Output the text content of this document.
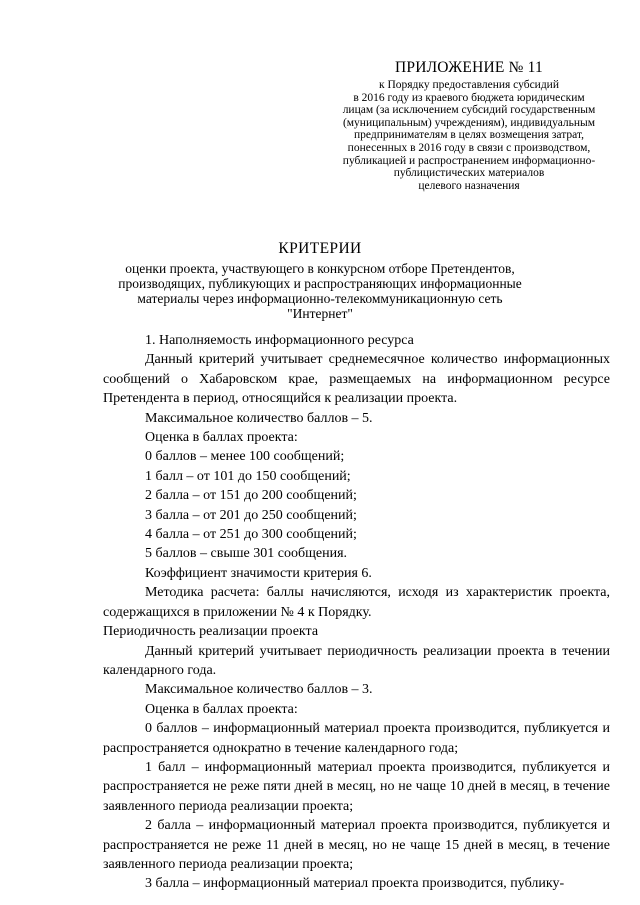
ПРИЛОЖЕНИЕ № 11
к Порядку предоставления субсидий
в 2016 году из краевого бюджета юридическим
лицам (за исключением субсидий государственным
(муниципальным) учреждениям), индивидуальным
предпринимателям в целях возмещения затрат,
понесенных в 2016 году в связи с производством,
публикацией и распространением информационно-
публицистических материалов
целевого назначения
КРИТЕРИИ
оценки проекта, участвующего в конкурсном отборе Претендентов,
производящих, публикующих и распространяющих информационные
материалы через информационно-телекоммуникационную сеть "Интернет"

1. Наполняемость информационного ресурса

Данный критерий учитывает среднемесячное количество информационных сообщений о Хабаровском крае, размещаемых на информационном ресурсе Претендента в период, относящийся к реализации проекта.

Максимальное количество баллов – 5.

Оценка в баллах проекта:

0 баллов – менее 100 сообщений;

1 балл – от 101 до 150 сообщений;

2 балла – от 151 до 200 сообщений;

3 балла – от 201 до 250 сообщений;

4 балла – от 251 до 300 сообщений;

5 баллов – свыше 301 сообщения.

Коэффициент значимости критерия 6.

Методика расчета: баллы начисляются, исходя из характеристик проекта, содержащихся в приложении № 4 к Порядку.

Периодичность реализации проекта

Данный критерий учитывает периодичность реализации проекта в течении календарного года.

Максимальное количество баллов – 3.

Оценка в баллах проекта:

0 баллов – информационный материал проекта производится, публикуется и распространяется однократно в течение календарного года;

1 балл – информационный материал проекта производится, публикуется и распространяется не реже пяти дней в месяц, но не чаще 10 дней в месяц, в течение заявленного периода реализации проекта;

2 балла – информационный материал проекта производится, публикуется и распространяется не реже 11 дней в месяц, но не чаще 15 дней в месяц, в течение заявленного периода реализации проекта;

3 балла – информационный материал проекта производится, публику-
